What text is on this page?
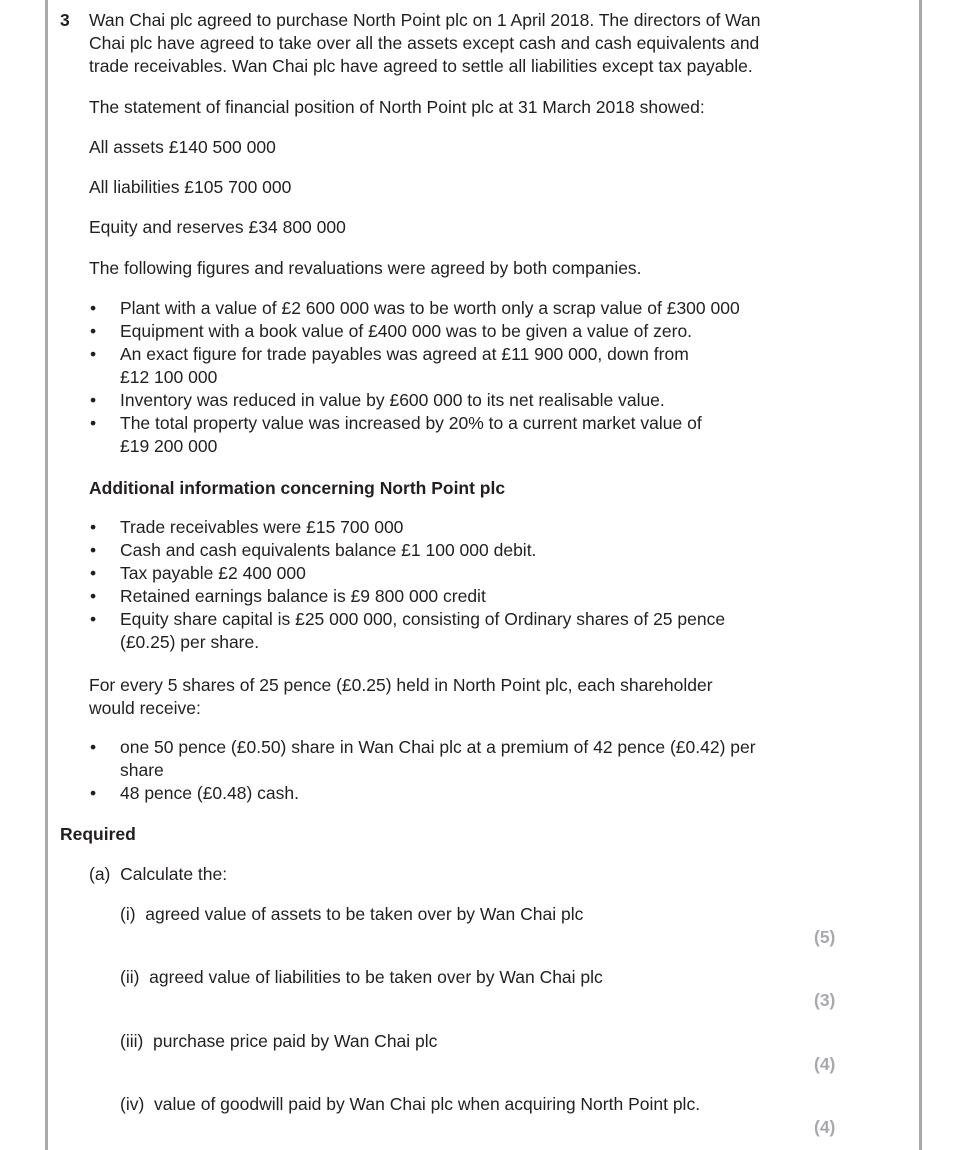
3 Wan Chai plc agreed to purchase North Point plc on 1 April 2018. The directors of Wan
Chai plc have agreed to take over all the assets except cash and cash equivalents and
trade receivables. Wan Chai plc have agreed to settle all liabilities except tax payable.
The statement of financial position of North Point plc at 31 March 2018 showed:
All assets £140 500 000
All liabilities £105 700 000
Equity and reserves £34 800 000
The following figures and revaluations were agreed by both companies.
• Plant with a value of £2 600 000 was to be worth only a scrap value of £300 000
• Equipment with a book value of £400 000 was to be given a value of zero.
• An exact figure for trade payables was agreed at £11 900 000, down from
£12 100 000
• Inventory was reduced in value by £600 000 to its net realisable value.
• The total property value was increased by 20% to a current market value of
£19 200 000
Additional information concerning North Point plc
• Trade receivables were £15 700 000
• Cash and cash equivalents balance £1 100 000 debit.
• Tax payable £2 400 000
• Retained earnings balance is £9 800 000 credit
• Equity share capital is £25 000 000, consisting of Ordinary shares of 25 pence
(£0.25) per share.
For every 5 shares of 25 pence (£0.25) held in North Point plc, each shareholder
would receive:
• one 50 pence (£0.50) share in Wan Chai plc at a premium of 42 pence (£0.42) per
share
• 48 pence (£0.48) cash.
Required
(a)  Calculate the:
(i)  agreed value of assets to be taken over by Wan Chai plc
(5)
(ii)  agreed value of liabilities to be taken over by Wan Chai plc
(3)
(iii)  purchase price paid by Wan Chai plc
(4)
(iv)  value of goodwill paid by Wan Chai plc when acquiring North Point plc.
(4)
